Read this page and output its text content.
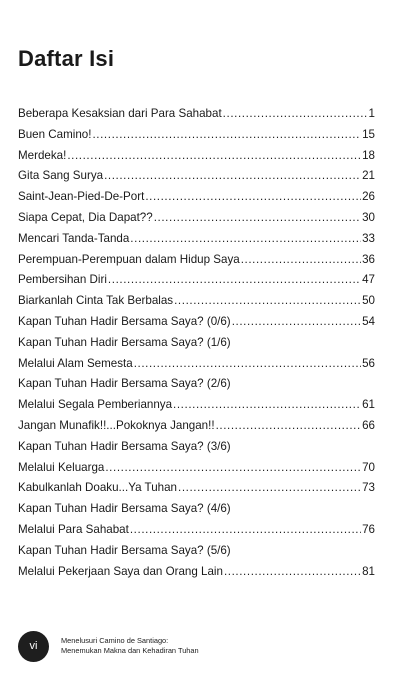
Daftar Isi
Beberapa Kesaksian dari Para Sahabat .....	1
Buen Camino! .....	15
Merdeka! .....	18
Gita Sang Surya .....	21
Saint-Jean-Pied-De-Port .....	26
Siapa Cepat, Dia Dapat?? .....	30
Mencari Tanda-Tanda .....	33
Perempuan-Perempuan dalam Hidup Saya .....	36
Pembersihan Diri .....	47
Biarkanlah Cinta Tak Berbalas .....	50
Kapan Tuhan Hadir Bersama Saya? (0/6) .....	54
Kapan Tuhan Hadir Bersama Saya? (1/6)
Melalui Alam Semesta .....	56
Kapan Tuhan Hadir Bersama Saya? (2/6)
Melalui Segala Pemberiannya .....	61
Jangan Munafik!!...Pokoknya Jangan!! .....	66
Kapan Tuhan Hadir Bersama Saya? (3/6)
Melalui Keluarga .....	70
Kabulkanlah Doaku...Ya Tuhan .....	73
Kapan Tuhan Hadir Bersama Saya? (4/6)
Melalui Para Sahabat .....	76
Kapan Tuhan Hadir Bersama Saya? (5/6)
Melalui Pekerjaan Saya dan Orang Lain .....	81
vi	Menelusuri Camino de Santiago:
Menemukan Makna dan Kehadiran Tuhan
